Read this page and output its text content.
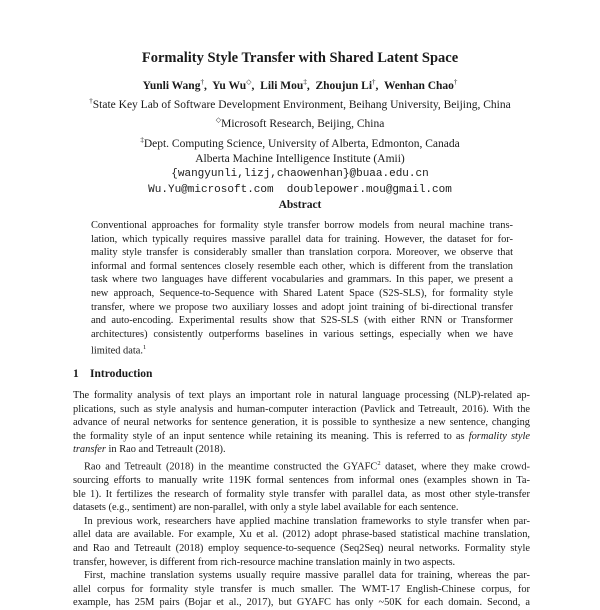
Formality Style Transfer with Shared Latent Space
Yunli Wang†,  Yu Wu◇,  Lili Mou‡,  Zhoujun Li†,  Wenhan Chao†
†State Key Lab of Software Development Environment, Beihang University, Beijing, China
◇Microsoft Research, Beijing, China
‡Dept. Computing Science, University of Alberta, Edmonton, Canada
Alberta Machine Intelligence Institute (Amii)
{wangyunli,lizj,chaowenhan}@buaa.edu.cn
Wu.Yu@microsoft.com doublepower.mou@gmail.com
Abstract
Conventional approaches for formality style transfer borrow models from neural machine trans-
lation, which typically requires massive parallel data for training. However, the dataset for for-
mality style transfer is considerably smaller than translation corpora. Moreover, we observe that
informal and formal sentences closely resemble each other, which is different from the translation
task where two languages have different vocabularies and grammars. In this paper, we present a
new approach, Sequence-to-Sequence with Shared Latent Space (S2S-SLS), for formality style
transfer, where we propose two auxiliary losses and adopt joint training of bi-directional transfer
and auto-encoding. Experimental results show that S2S-SLS (with either RNN or Transformer
architectures) consistently outperforms baselines in various settings, especially when we have
limited data.$^1$
1 Introduction

The formality analysis of text plays an important role in natural language processing (NLP)-related ap-
plications, such as style analysis and human-computer interaction (Pavlick and Tetreault, 2016). With the
advance of neural networks for sentence generation, it is possible to synthesize a new sentence, changing
the formality style of an input sentence while retaining its meaning. This is referred to as formality style
transfer in Rao and Tetreault (2018).

Rao and Tetreault (2018) in the meantime constructed the GYAFC$^2$ dataset, where they make crowd-
sourcing efforts to manually write 119K formal sentences from informal ones (examples shown in Ta-
ble 1). It fertilizes the research of formality style transfer with parallel data, as most other style-transfer
datasets (e.g., sentiment) are non-parallel, with only a style label available for each sentence.

In previous work, researchers have applied machine translation frameworks to style transfer when par-
allel data are available. For example, Xu et al. (2012) adopt phrase-based statistical machine translation,
and Rao and Tetreault (2018) employ sequence-to-sequence (Seq2Seq) neural networks. Formality style
transfer, however, is different from rich-resource machine translation mainly in two aspects.

First, machine translation systems usually require massive parallel data for training, whereas the par-
allel corpus for formality style transfer is much smaller. The WMT-17 English-Chinese corpus, for
example, has 25M pairs (Bojar et al., 2017), but GYAFC has only ~50K for each domain. Second, a
